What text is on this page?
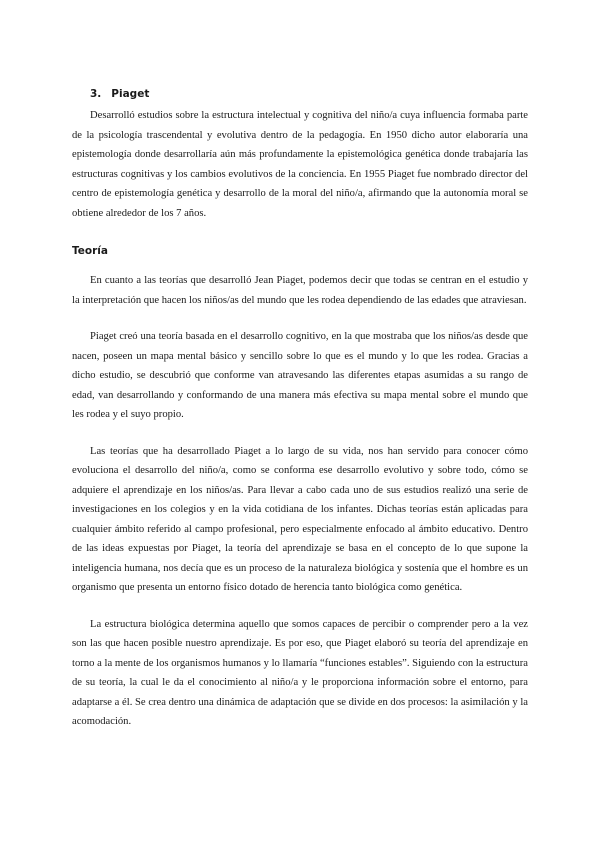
3. Piaget

Desarrolló estudios sobre la estructura intelectual y cognitiva del niño/a cuya influencia formaba parte de la psicología trascendental y evolutiva dentro de la pedagogía. En 1950 dicho autor elaboraría una epistemología donde desarrollaría aún más profundamente la epistemológica genética donde trabajaría las estructuras cognitivas y los cambios evolutivos de la conciencia. En 1955 Piaget fue nombrado director del centro de epistemología genética y desarrollo de la moral del niño/a, afirmando que la autonomía moral se obtiene alrededor de los 7 años.

Teoría

En cuanto a las teorías que desarrolló Jean Piaget, podemos decir que todas se centran en el estudio y la interpretación que hacen los niños/as del mundo que les rodea dependiendo de las edades que atraviesan.

Piaget creó una teoría basada en el desarrollo cognitivo, en la que mostraba que los niños/as desde que nacen, poseen un mapa mental básico y sencillo sobre lo que es el mundo y lo que les rodea. Gracias a dicho estudio, se descubrió que conforme van atravesando las diferentes etapas asumidas a su rango de edad, van desarrollando y conformando de una manera más efectiva su mapa mental sobre el mundo que les rodea y el suyo propio.

Las teorías que ha desarrollado Piaget a lo largo de su vida, nos han servido para conocer cómo evoluciona el desarrollo del niño/a, como se conforma ese desarrollo evolutivo y sobre todo, cómo se adquiere el aprendizaje en los niños/as. Para llevar a cabo cada uno de sus estudios realizó una serie de investigaciones en los colegios y en la vida cotidiana de los infantes. Dichas teorías están aplicadas para cualquier ámbito referido al campo profesional, pero especialmente enfocado al ámbito educativo. Dentro de las ideas expuestas por Piaget, la teoría del aprendizaje se basa en el concepto de lo que supone la inteligencia humana, nos decía que es un proceso de la naturaleza biológica y sostenía que el hombre es un organismo que presenta un entorno físico dotado de herencia tanto biológica como genética.

La estructura biológica determina aquello que somos capaces de percibir o comprender pero a la vez son las que hacen posible nuestro aprendizaje. Es por eso, que Piaget elaboró su teoría del aprendizaje en torno a la mente de los organismos humanos y lo llamaría “funciones estables”. Siguiendo con la estructura de su teoría, la cual le da el conocimiento al niño/a y le proporciona información sobre el entorno, para adaptarse a él. Se crea dentro una dinámica de adaptación que se divide en dos procesos: la asimilación y la acomodación.
